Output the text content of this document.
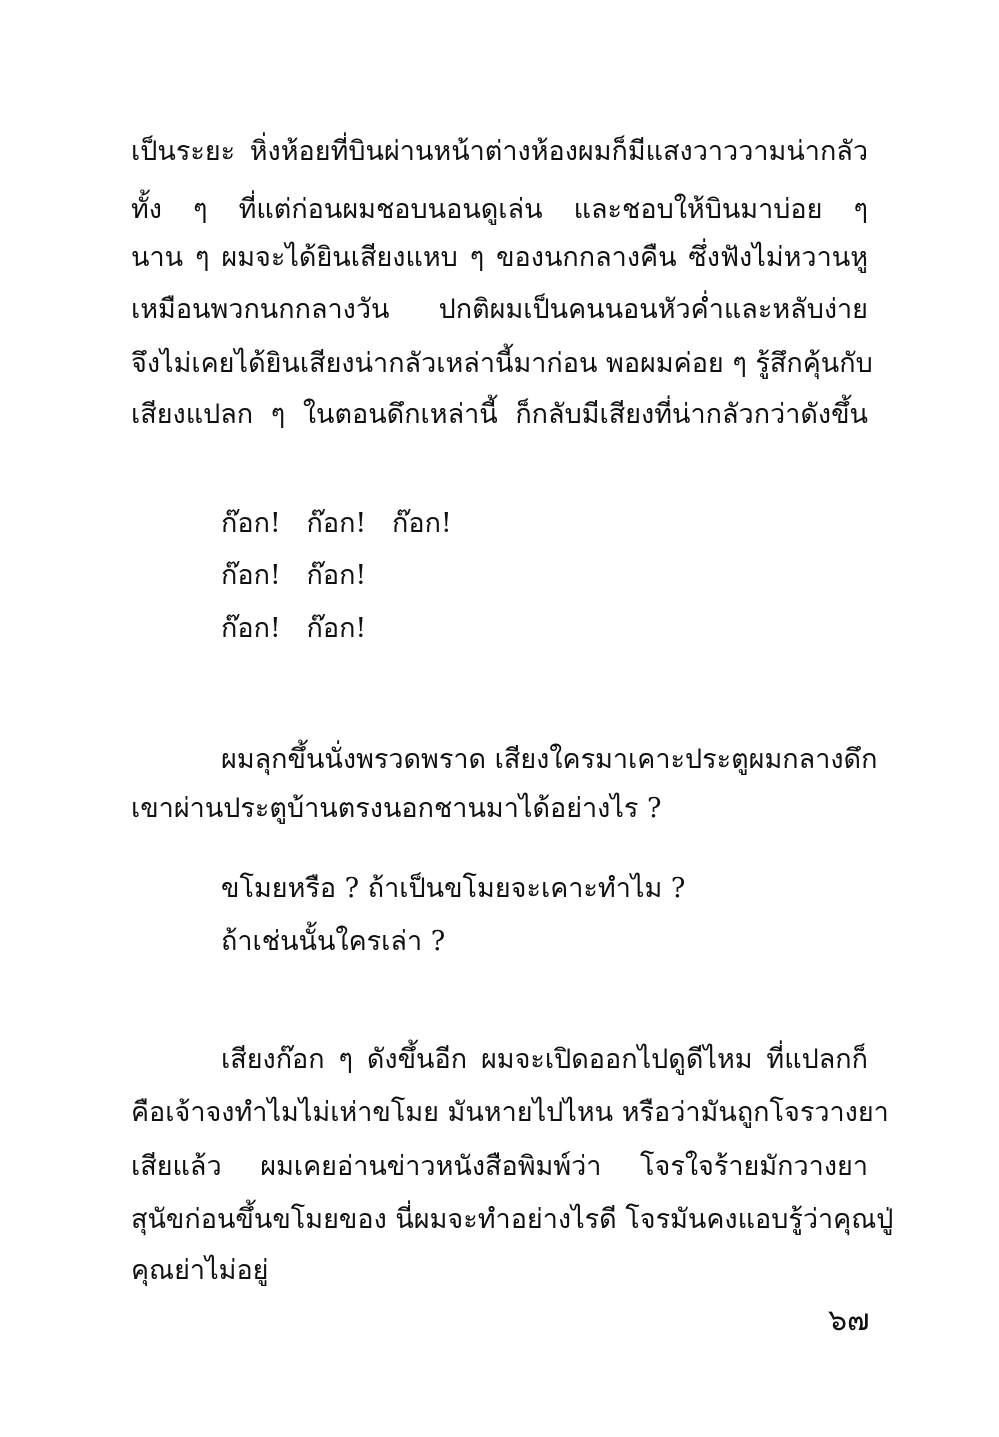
เป็นระยะ หิ่งห้อยที่บินผ่านหน้าต่างห้องผมก็มีแสงวาววามน่ากลัว
ทั้ง ๆ ที่แต่ก่อนผมชอบนอนดูเล่น และชอบให้บินมาบ่อย ๆ
นาน ๆ ผมจะได้ยินเสียงแหบ ๆ ของนกกลางคืน ซึ่งฟังไม่หวานหู
เหมือนพวกนกกลางวัน ปกติผมเป็นคนนอนหัวค่ำและหลับง่าย
จึงไม่เคยได้ยินเสียงน่ากลัวเหล่านี้มาก่อน พอผมค่อย ๆ รู้สึกคุ้นกับ
เสียงแปลก ๆ ในตอนดึกเหล่านี้ ก็กลับมีเสียงที่น่ากลัวกว่าดังขึ้น
ก๊อก!   ก๊อก!   ก๊อก!
ก๊อก!   ก๊อก!
ก๊อก!   ก๊อก!
ผมลุกขึ้นนั่งพรวดพราด เสียงใครมาเคาะประตูผมกลางดึก
เขาผ่านประตูบ้านตรงนอกชานมาได้อย่างไร ?
ขโมยหรือ ? ถ้าเป็นขโมยจะเคาะทำไม ?
ถ้าเช่นนั้นใครเล่า ?
เสียงก๊อก ๆ ดังขึ้นอีก ผมจะเปิดออกไปดูดีไหม ที่แปลกก็
คือเจ้าจงทำไมไม่เห่าขโมย มันหายไปไหน หรือว่ามันถูกโจรวางยา
เสียแล้ว   ผมเคยอ่านข่าวหนังสือพิมพ์ว่า   โจรใจร้ายมักวางยา
สุนัขก่อนขึ้นขโมยของ นี่ผมจะทำอย่างไรดี โจรมันคงแอบรู้ว่าคุณปู่
คุณย่าไม่อยู่
๖๗
